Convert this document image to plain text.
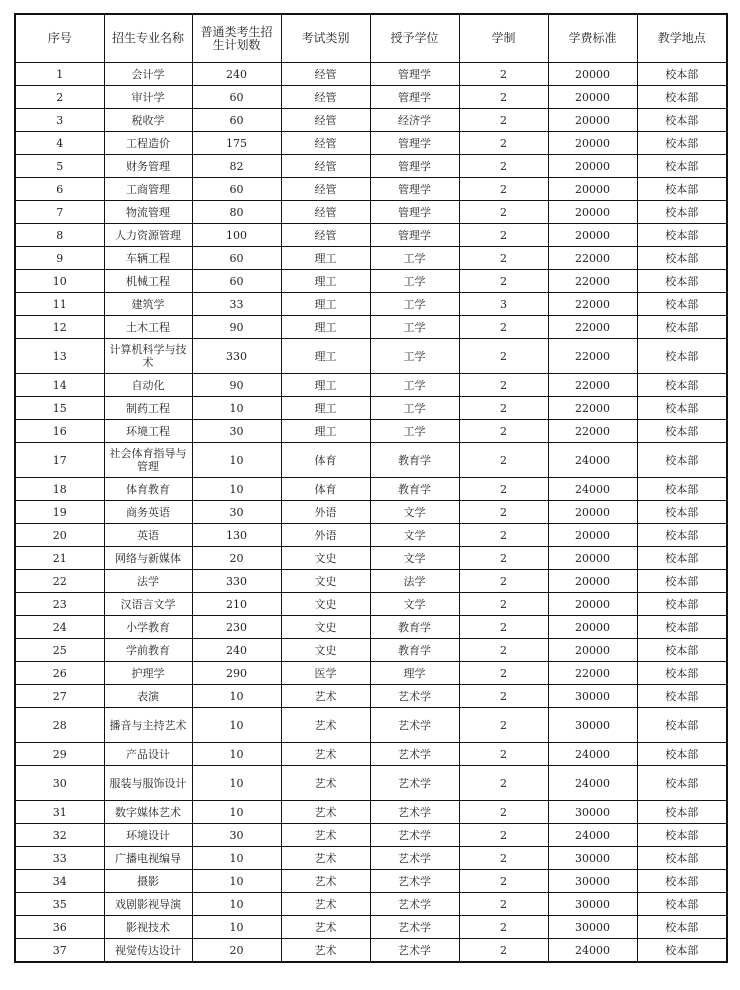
序号	招生专业名称	普通类考生招生计划数	考试类别	授予学位	学制	学费标准	教学地点
1	会计学	240	经管	管理学	2	20000	校本部
2	审计学	60	经管	管理学	2	20000	校本部
3	税收学	60	经管	经济学	2	20000	校本部
4	工程造价	175	经管	管理学	2	20000	校本部
5	财务管理	82	经管	管理学	2	20000	校本部
6	工商管理	60	经管	管理学	2	20000	校本部
7	物流管理	80	经管	管理学	2	20000	校本部
8	人力资源管理	100	经管	管理学	2	20000	校本部
9	车辆工程	60	理工	工学	2	22000	校本部
10	机械工程	60	理工	工学	2	22000	校本部
11	建筑学	33	理工	工学	3	22000	校本部
12	土木工程	90	理工	工学	2	22000	校本部
13	计算机科学与技术	330	理工	工学	2	22000	校本部
14	自动化	90	理工	工学	2	22000	校本部
15	制药工程	10	理工	工学	2	22000	校本部
16	环境工程	30	理工	工学	2	22000	校本部
17	社会体育指导与管理	10	体育	教育学	2	24000	校本部
18	体育教育	10	体育	教育学	2	24000	校本部
19	商务英语	30	外语	文学	2	20000	校本部
20	英语	130	外语	文学	2	20000	校本部
21	网络与新媒体	20	文史	文学	2	20000	校本部
22	法学	330	文史	法学	2	20000	校本部
23	汉语言文学	210	文史	文学	2	20000	校本部
24	小学教育	230	文史	教育学	2	20000	校本部
25	学前教育	240	文史	教育学	2	20000	校本部
26	护理学	290	医学	理学	2	22000	校本部
27	表演	10	艺术	艺术学	2	30000	校本部
28	播音与主持艺术	10	艺术	艺术学	2	30000	校本部
29	产品设计	10	艺术	艺术学	2	24000	校本部
30	服装与服饰设计	10	艺术	艺术学	2	24000	校本部
31	数字媒体艺术	10	艺术	艺术学	2	30000	校本部
32	环境设计	30	艺术	艺术学	2	24000	校本部
33	广播电视编导	10	艺术	艺术学	2	30000	校本部
34	摄影	10	艺术	艺术学	2	30000	校本部
35	戏剧影视导演	10	艺术	艺术学	2	30000	校本部
36	影视技术	10	艺术	艺术学	2	30000	校本部
37	视觉传达设计	20	艺术	艺术学	2	24000	校本部
